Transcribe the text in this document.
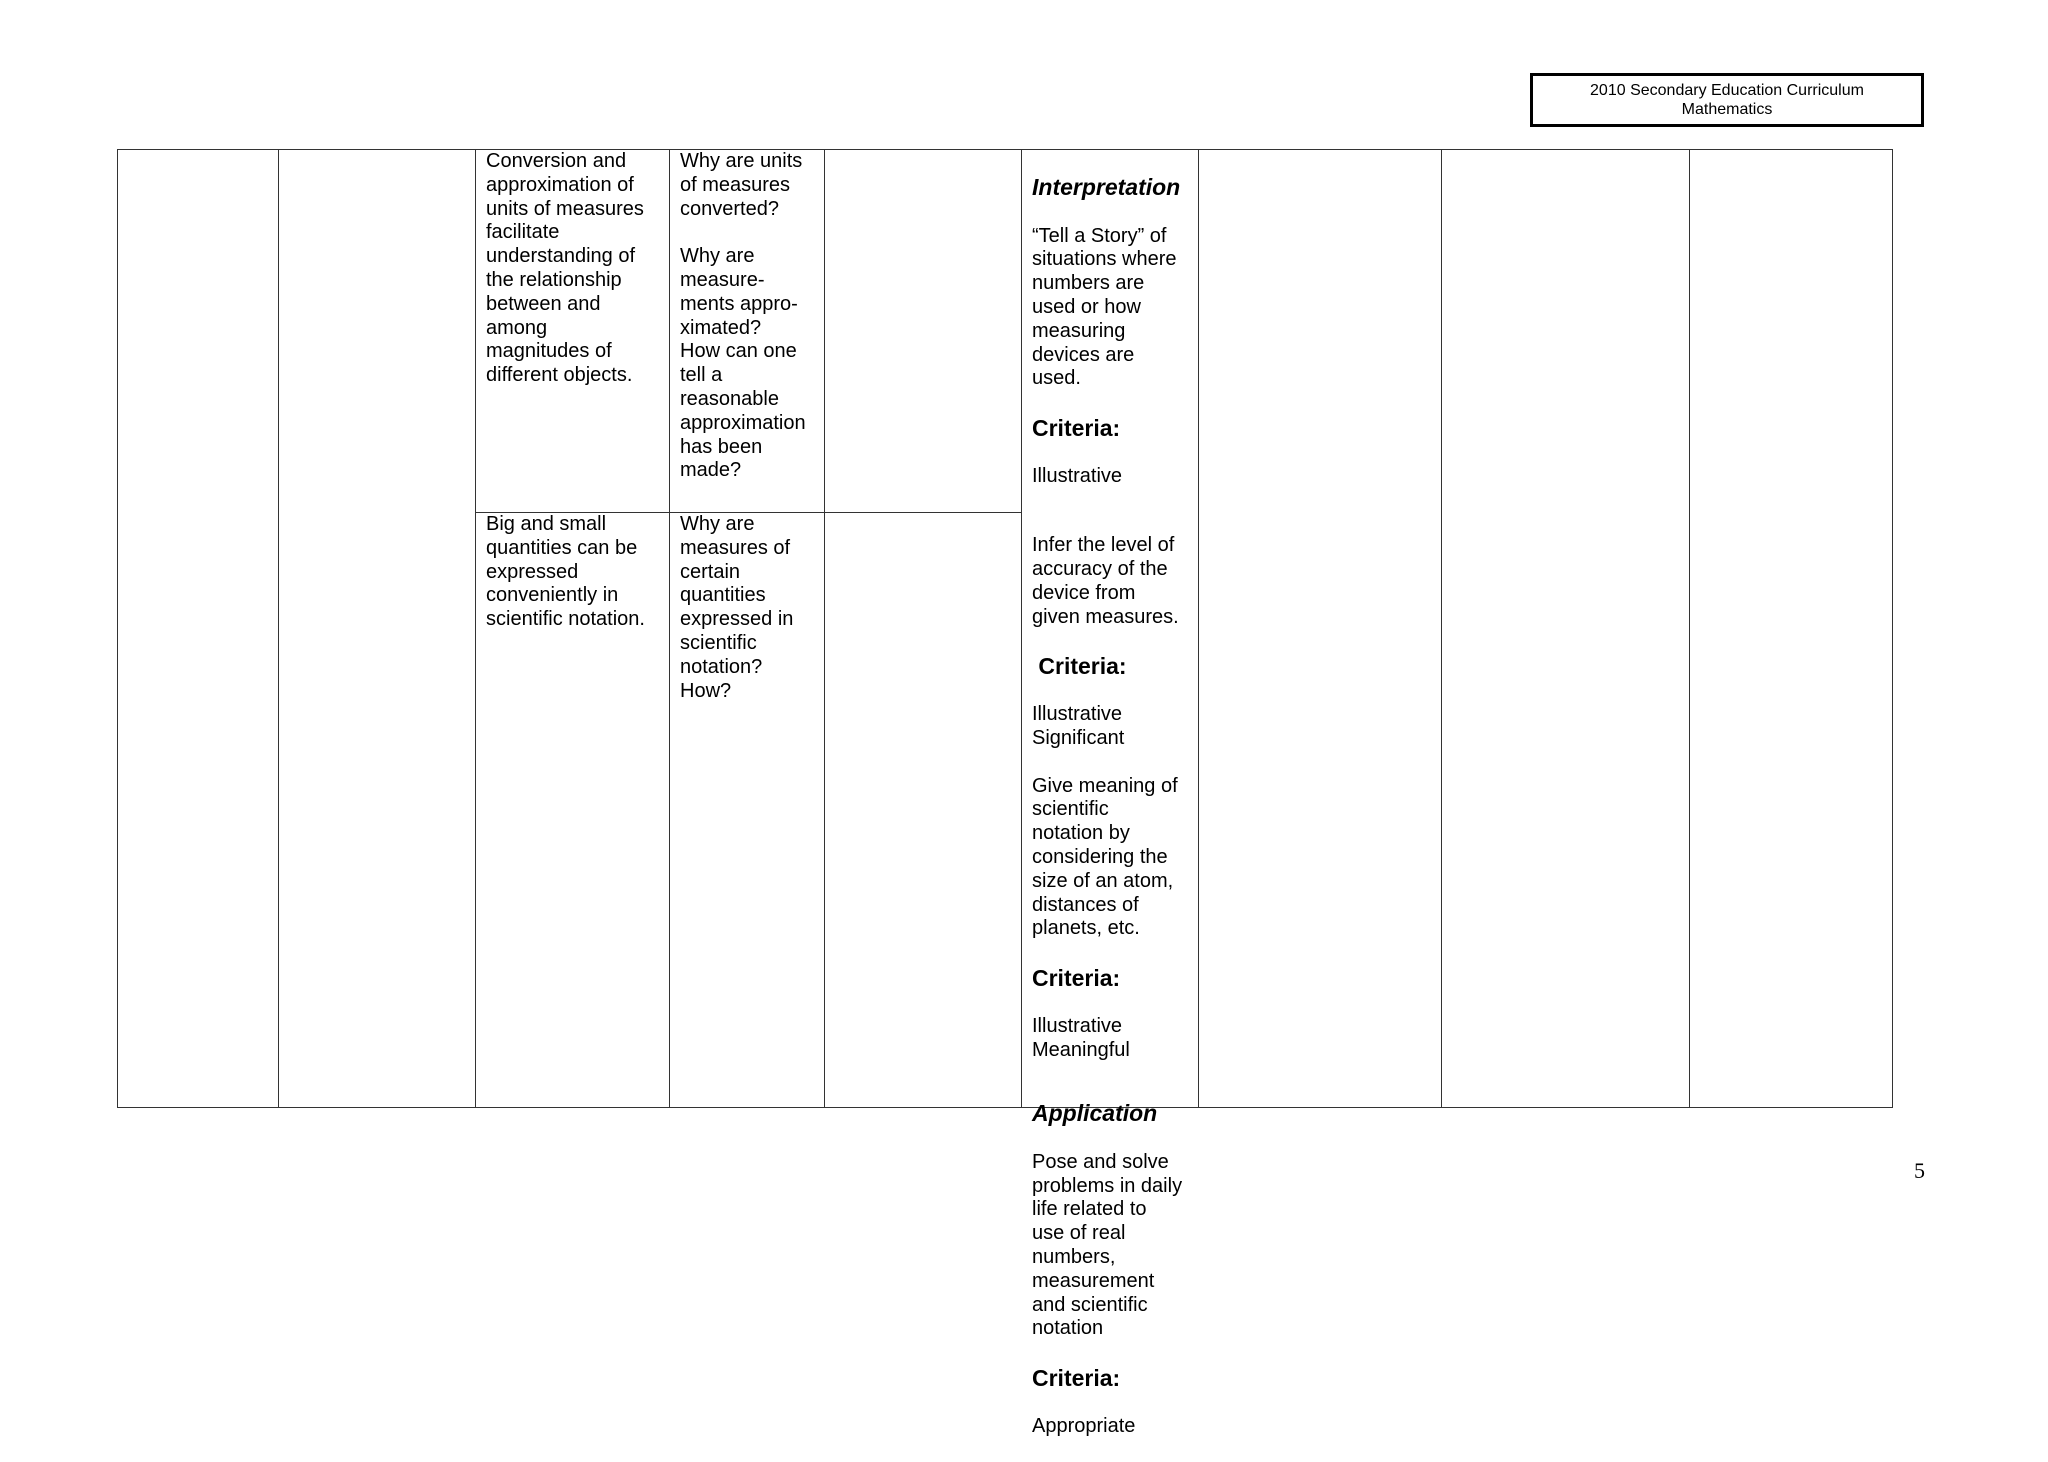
2010 Secondary Education Curriculum
Mathematics
Conversion and
approximation of
units of measures
facilitate
understanding of
the relationship
between and
among
magnitudes of
different objects.
Why are units
of measures
converted?

Why are
measure-
ments appro-
ximated?
How can one
tell a
reasonable
approximation
has been
made?
Big and small
quantities can be
expressed
conveniently in
scientific notation.
Why are
measures of
certain
quantities
expressed in
scientific
notation?
How?

Interpretation

“Tell a Story” of
situations where
numbers are
used or how
measuring
devices are
used.

Criteria:

Illustrative

Infer the level of
accuracy of the
device from
given measures.

Criteria:

Illustrative
Significant

Give meaning of
scientific
notation by
considering the
size of an atom,
distances of
planets, etc.

Criteria:

Illustrative
Meaningful

Application

Pose and solve
problems in daily
life related to
use of real
numbers,
measurement
and scientific
notation

Criteria:

Appropriate

5
